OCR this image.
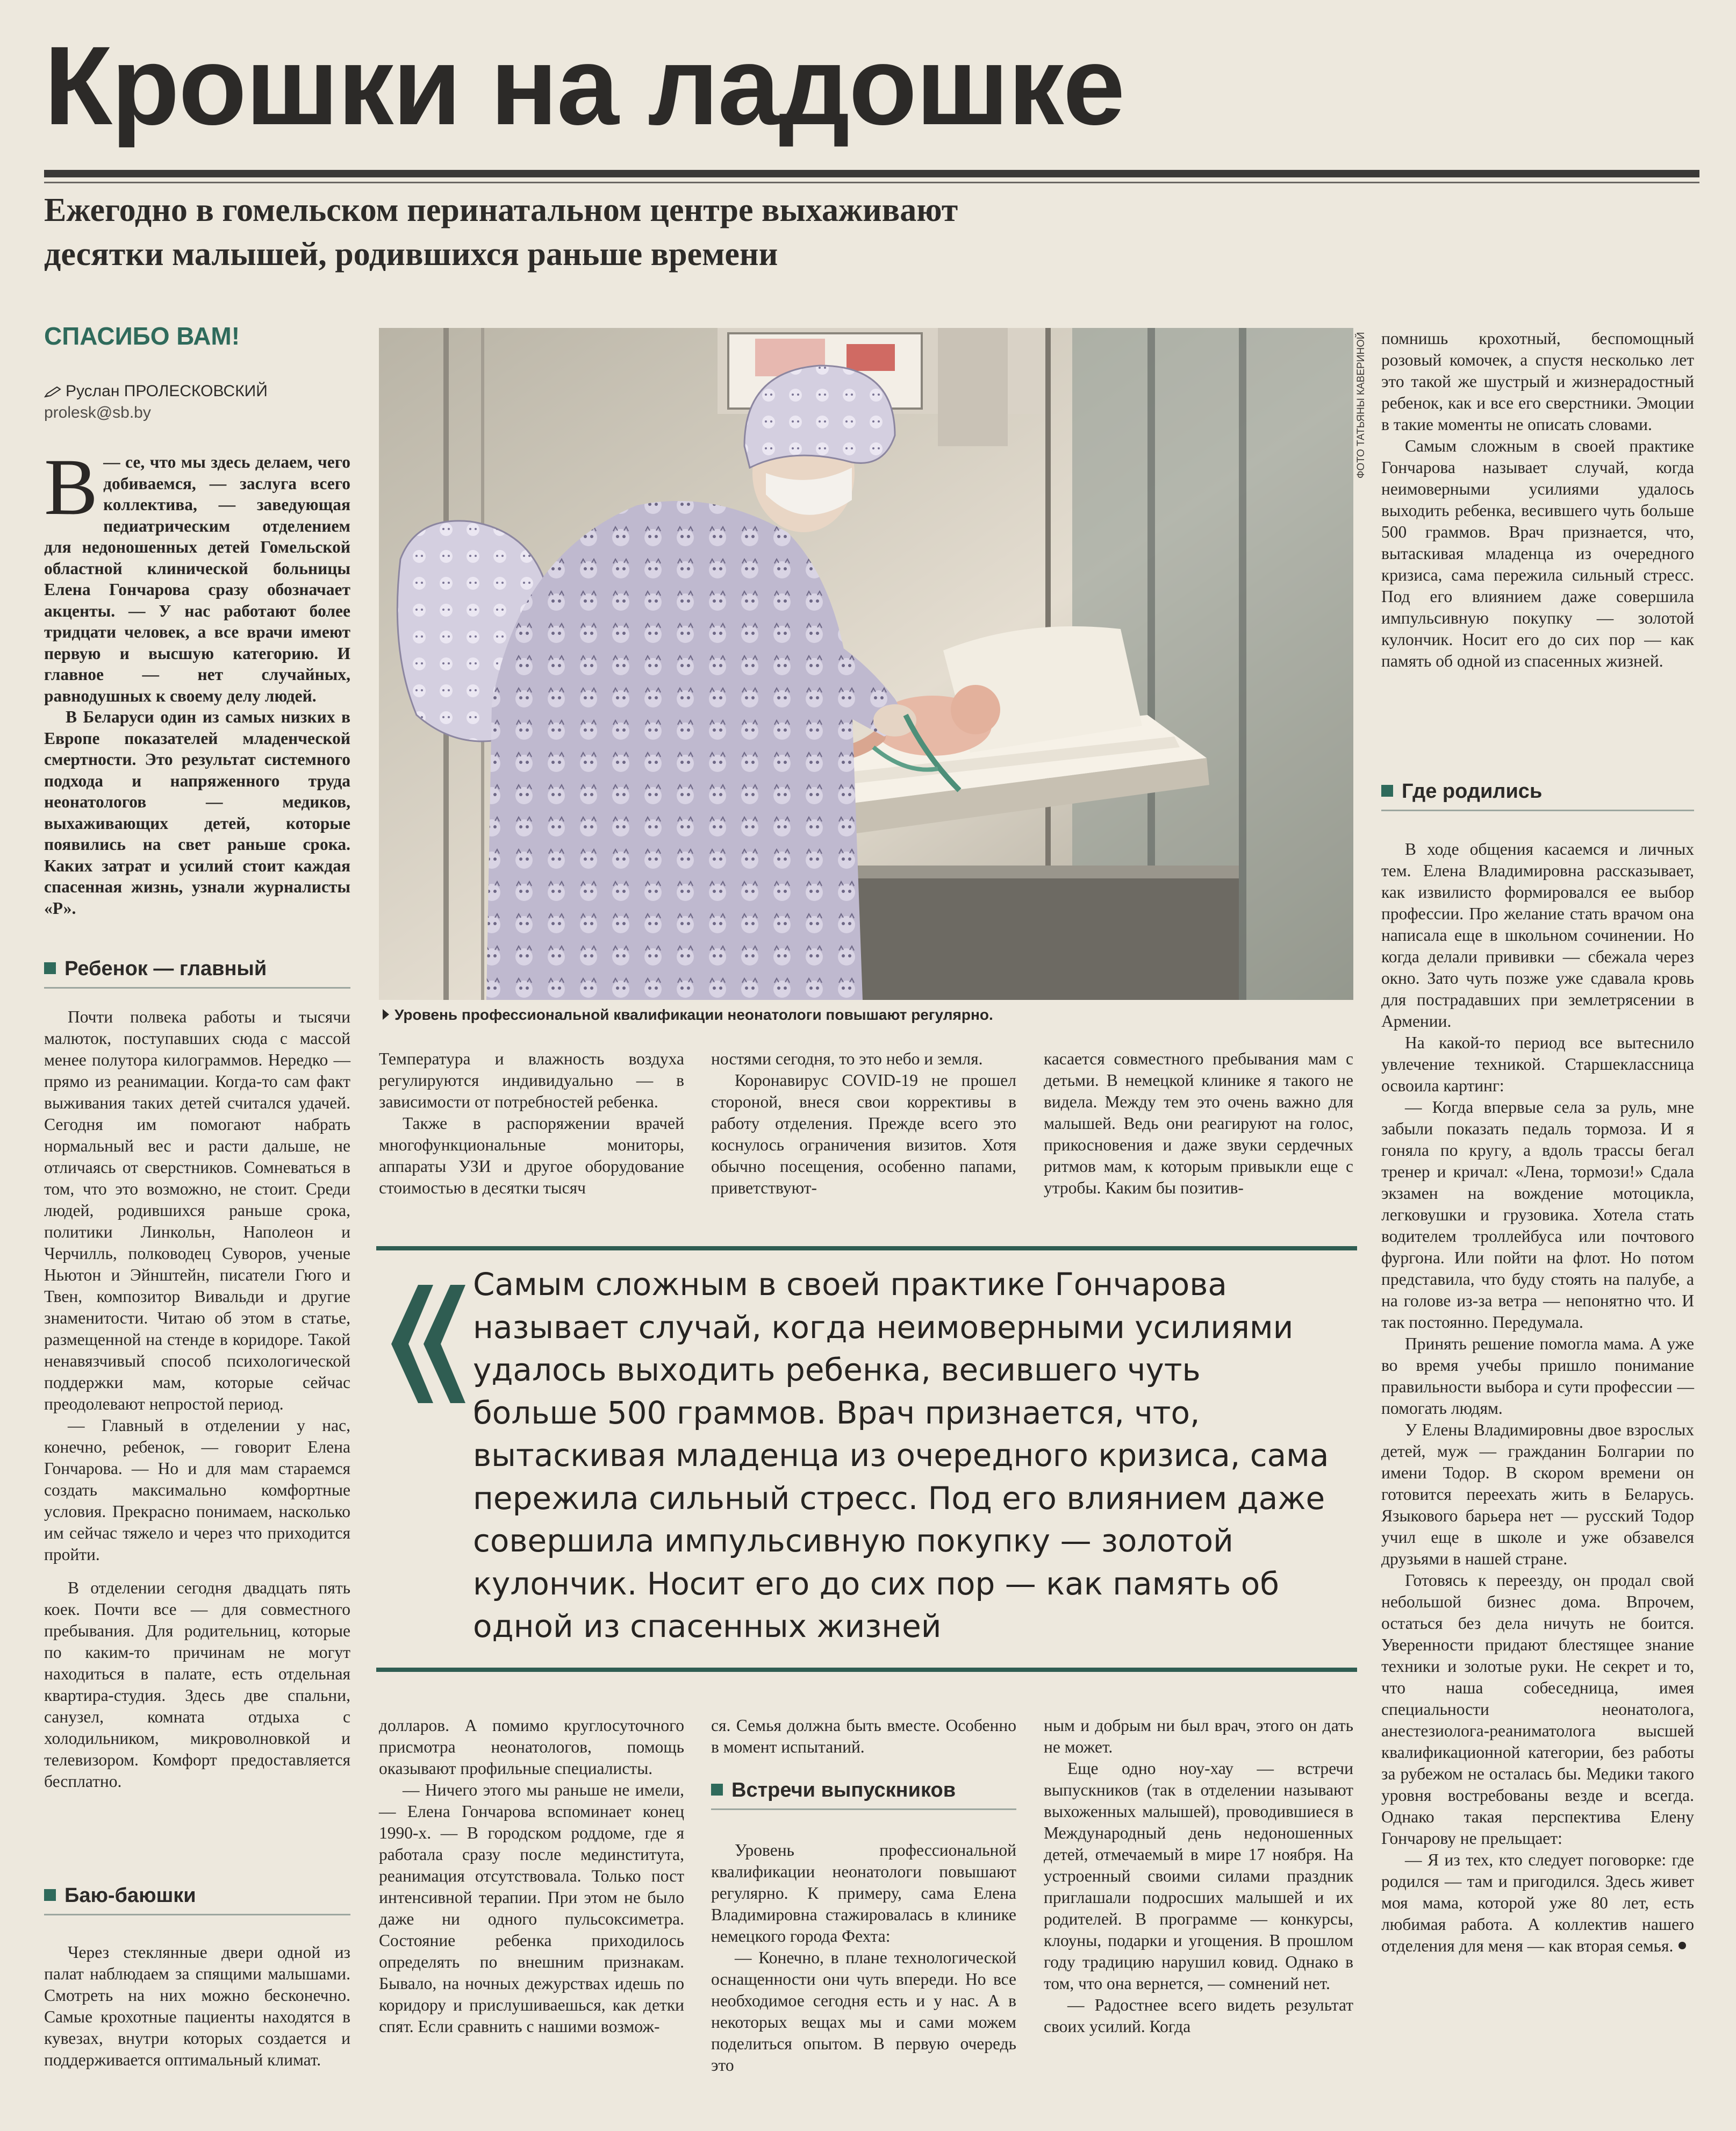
Крошки на ладошке
Ежегодно в гомельском перинатальном центре выхаживают
десятки малышей, родившихся раньше времени
СПАСИБО ВАМ!
Руслан ПРОЛЕСКОВСКИЙ
prolesk@sb.by

—
В се, что мы здесь делаем, чего добиваемся, — заслуга всего коллектива, — заведующая педиатрическим отделением для недоношенных детей Гомельской областной клинической больницы Елена Гончарова сразу обозначает акценты. — У нас работают более тридцати человек, а все врачи имеют первую и высшую категорию. И главное — нет случайных, равнодушных к своему делу людей.

В Беларуси один из самых низких в Европе показателей младенческой смертности. Это результат системного подхода и напряженного труда неонатологов — медиков, выхаживающих детей, которые появились на свет раньше срока. Каких затрат и усилий стоит каждая спасенная жизнь, узнали журналисты «Р».

ФОТО ТАТЬЯНЫ КАВЕРИНОЙ
Уровень профессиональной квалификации неонатологи повышают регулярно.
Ребенок — главный

Почти полвека работы и тысячи малюток, поступавших сюда с массой менее полутора килограммов. Нередко — прямо из реанимации. Когда-то сам факт выживания таких детей считался удачей. Сегодня им помогают набрать нормальный вес и расти дальше, не отличаясь от сверстников. Сомневаться в том, что это возможно, не стоит. Среди людей, родившихся раньше срока, политики Линкольн, Наполеон и Черчилль, полководец Суворов, ученые Ньютон и Эйнштейн, писатели Гюго и Твен, композитор Вивальди и другие знаменитости. Читаю об этом в статье, размещенной на стенде в коридоре. Такой ненавязчивый способ психологической поддержки мам, которые сейчас преодолевают непростой период.

— Главный в отделении у нас, конечно, ребенок, — говорит Елена Гончарова. — Но и для мам стараемся создать максимально комфортные условия. Прекрасно понимаем, насколько им сейчас тяжело и через что приходится пройти.

В отделении сегодня двадцать пять коек. Почти все — для совместного пребывания. Для родительниц, которые по каким-то причинам не могут находиться в палате, есть отдельная квартира-студия. Здесь две спальни, санузел, комната отдыха с холодильником, микроволновкой и телевизором. Комфорт предоставляется бесплатно.

Баю-баюшки

Через стеклянные двери одной из палат наблюдаем за спящими малышами. Смотреть на них можно бесконечно. Самые крохотные пациенты находятся в кувезах, внутри которых создается и поддерживается оптимальный климат.

Температура и влажность воздуха регулируются индивидуально — в зависимости от потребностей ребенка.

Также в распоряжении врачей многофункциональные мониторы, аппараты УЗИ и другое оборудование стоимостью в десятки тысяч

ностями сегодня, то это небо и земля.

Коронавирус COVID-19 не прошел стороной, внеся свои коррективы в работу отделения. Прежде всего это коснулось ограничения визитов. Хотя обычно посещения, особенно папами, приветствуют-

касается совместного пребывания мам с детьми. В немецкой клинике я такого не видела. Между тем это очень важно для малышей. Ведь они реагируют на голос, прикосновения и даже звуки сердечных ритмов мам, к которым привыкли еще с утробы. Каким бы позитив-

Самым сложным в своей практике Гончарова называет случай, когда неимоверными усилиями удалось выходить ребенка, весившего чуть больше 500 граммов. Врач признается, что, вытаскивая младенца из очередного кризиса, сама пережила сильный стресс. Под его влиянием даже совершила импульсивную покупку — золотой кулончик. Носит его до сих пор — как память об одной из спасенных жизней

долларов. А помимо круглосуточного присмотра неонатологов, помощь оказывают профильные специалисты.

— Ничего этого мы раньше не имели, — Елена Гончарова вспоминает конец 1990-х. — В городском роддоме, где я работала сразу после мединститута, реанимация отсутствовала. Только пост интенсивной терапии. При этом не было даже ни одного пульсоксиметра. Состояние ребенка приходилось определять по внешним признакам. Бывало, на ночных дежурствах идешь по коридору и прислушиваешься, как детки спят. Если сравнить с нашими возмож-

ся. Семья должна быть вместе. Особенно в момент испытаний.

Встречи выпускников

Уровень профессиональной квалификации неонатологи повышают регулярно. К примеру, сама Елена Владимировна стажировалась в клинике немецкого города Фехта:

— Конечно, в плане технологической оснащенности они чуть впереди. Но все необходимое сегодня есть и у нас. А в некоторых вещах мы и сами можем поделиться опытом. В первую очередь это

ным и добрым ни был врач, этого он дать не может.

Еще одно ноу-хау — встречи выпускников (так в отделении называют выхоженных малышей), проводившиеся в Международный день недоношенных детей, отмечаемый в мире 17 ноября. На устроенный своими силами праздник приглашали подросших малышей и их родителей. В программе — конкурсы, клоуны, подарки и угощения. В прошлом году традицию нарушил ковид. Однако в том, что она вернется, — сомнений нет.

— Радостнее всего видеть результат своих усилий. Когда

помнишь крохотный, беспомощный розовый комочек, а спустя несколько лет это такой же шустрый и жизнерадостный ребенок, как и все его сверстники. Эмоции в такие моменты не описать словами.

Самым сложным в своей практике Гончарова называет случай, когда неимоверными усилиями удалось выходить ребенка, весившего чуть больше 500 граммов. Врач признается, что, вытаскивая младенца из очередного кризиса, сама пережила сильный стресс. Под его влиянием даже совершила импульсивную покупку — золотой кулончик. Носит его до сих пор — как память об одной из спасенных жизней.

Где родились

В ходе общения касаемся и личных тем. Елена Владимировна рассказывает, как извилисто формировался ее выбор профессии. Про желание стать врачом она написала еще в школьном сочинении. Но когда делали прививки — сбежала через окно. Зато чуть позже уже сдавала кровь для пострадавших при землетрясении в Армении.

На какой-то период все вытеснило увлечение техникой. Старшеклассница освоила картинг:

— Когда впервые села за руль, мне забыли показать педаль тормоза. И я гоняла по кругу, а вдоль трассы бегал тренер и кричал: «Лена, тормози!» Сдала экзамен на вождение мотоцикла, легковушки и грузовика. Хотела стать водителем троллейбуса или почтового фургона. Или пойти на флот. Но потом представила, что буду стоять на палубе, а на голове из-за ветра — непонятно что. И так постоянно. Передумала.

Принять решение помогла мама. А уже во время учебы пришло понимание правильности выбора и сути профессии — помогать людям.

У Елены Владимировны двое взрослых детей, муж — гражданин Болгарии по имени Тодор. В скором времени он готовится переехать жить в Беларусь. Языкового барьера нет — русский Тодор учил еще в школе и уже обзавелся друзьями в нашей стране.

Готовясь к переезду, он продал свой небольшой бизнес дома. Впрочем, остаться без дела ничуть не боится. Уверенности придают блестящее знание техники и золотые руки. Не секрет и то, что наша собеседница, имея специальности неонатолога, анестезиолога-реаниматолога высшей квалификационной категории, без работы за рубежом не осталась бы. Медики такого уровня востребованы везде и всегда. Однако такая перспектива Елену Гончарову не прельщает:

— Я из тех, кто следует поговорке: где родился — там и пригодился. Здесь живет моя мама, которой уже 80 лет, есть любимая работа. А коллектив нашего отделения для меня — как вторая семья.
